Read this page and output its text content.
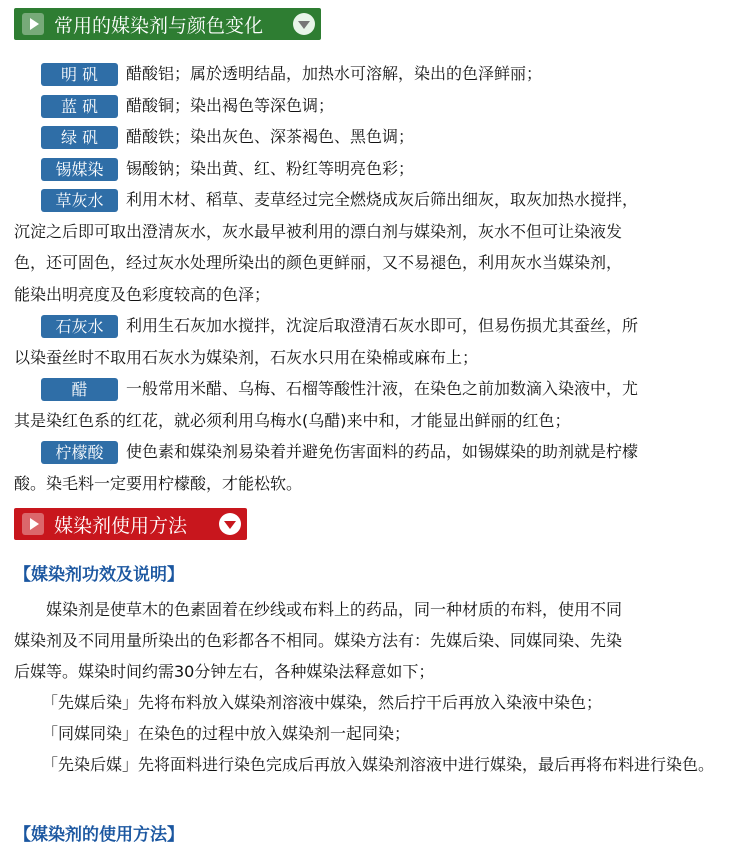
常用的媒染剂与颜色变化
明 矾 醋酸铝；属於透明结晶，加热水可溶解，染出的色泽鲜丽；
蓝 矾 醋酸铜；染出褐色等深色调；
绿 矾 醋酸铁；染出灰色、深茶褐色、黑色调；
锡媒染 锡酸钠；染出黄、红、粉红等明亮色彩；
草灰水 利用木材、稻草、麦草经过完全燃烧成灰后筛出细灰，取灰加热水搅拌，
沉淀之后即可取出澄清灰水，灰水最早被利用的漂白剂与媒染剂，灰水不但可让染液发
色，还可固色，经过灰水处理所染出的颜色更鲜丽，又不易褪色，利用灰水当媒染剂，
能染出明亮度及色彩度较高的色泽；
石灰水 利用生石灰加水搅拌，沈淀后取澄清石灰水即可，但易伤损尤其蚕丝，所
以染蚕丝时不取用石灰水为媒染剂，石灰水只用在染棉或麻布上；
醋 一般常用米醋、乌梅、石榴等酸性汁液，在染色之前加数滴入染液中，尤
其是染红色系的红花，就必须利用乌梅水(乌醋)来中和，才能显出鲜丽的红色；
柠檬酸 使色素和媒染剂易染着并避免伤害面料的药品，如锡媒染的助剂就是柠檬
酸。染毛料一定要用柠檬酸，才能松软。
媒染剂使用方法
【媒染剂功效及说明】
媒染剂是使草木的色素固着在纱线或布料上的药品，同一种材质的布料，使用不同
媒染剂及不同用量所染出的色彩都各不相同。媒染方法有：先媒后染、同媒同染、先染
后媒等。媒染时间约需30分钟左右，各种媒染法释意如下；
「先媒后染」 先将布料放入媒染剂溶液中媒染，然后拧干后再放入染液中染色；
「同媒同染」 在染色的过程中放入媒染剂一起同染；
「先染后媒」 先将面料进行染色完成后再放入媒染剂溶液中进行媒染，最后再将布料进行染色。
【媒染剂的使用方法】
